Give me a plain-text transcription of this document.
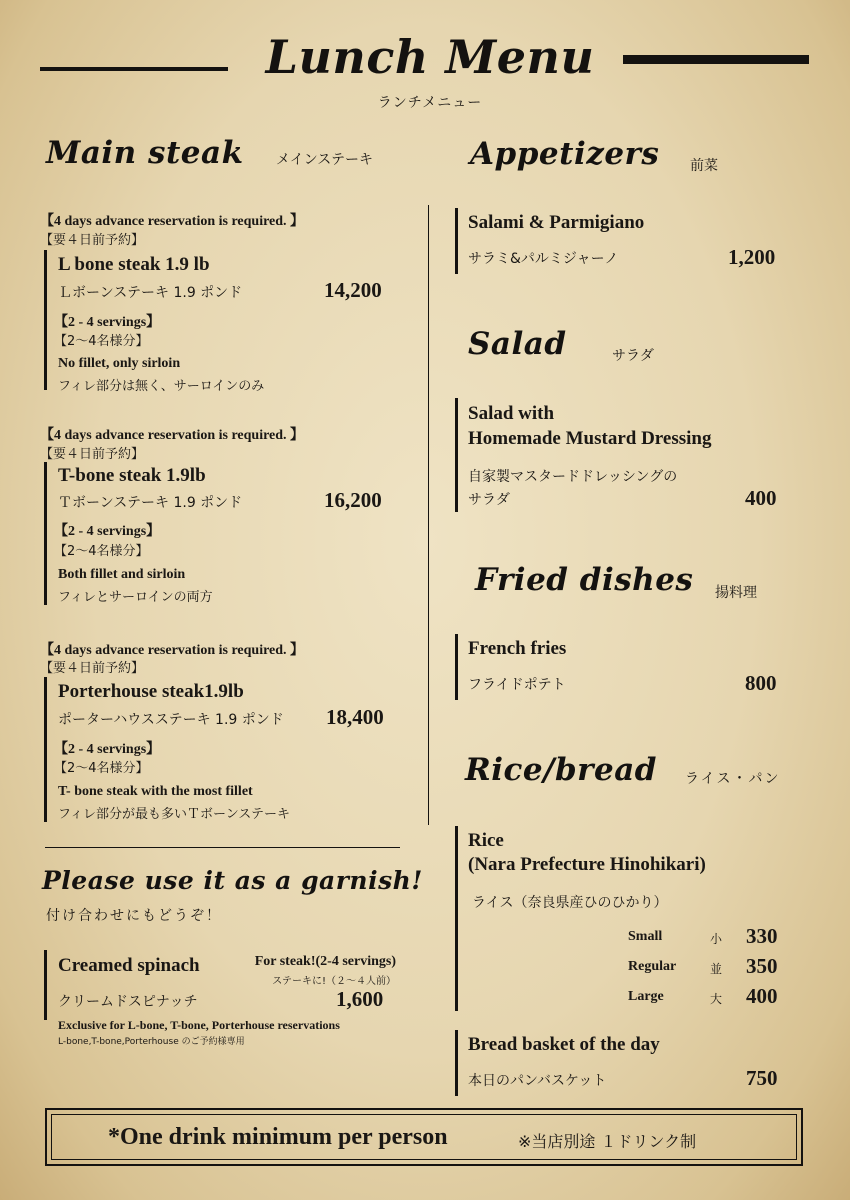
Lunch Menu
ランチメニュー
Main steak メインステーキ
【4 days advance reservation is required. 】
【要４日前予約】
L bone steak 1.9 lb
Ｌボーンステーキ 1.9 ポンド	14,200
【2 - 4 servings】
【2〜4名様分】
No fillet, only sirloin
フィレ部分は無く、サーロインのみ
【4 days advance reservation is required. 】
【要４日前予約】
T-bone steak 1.9lb
Ｔボーンステーキ 1.9 ポンド	16,200
【2 - 4 servings】
【2〜4名様分】
Both fillet and sirloin
フィレとサーロインの両方
【4 days advance reservation is required. 】
【要４日前予約】
Porterhouse steak1.9lb
ポーターハウスステーキ 1.9 ポンド 18,400
【2 - 4 servings】
【2〜4名様分】
T- bone steak with the most fillet
フィレ部分が最も多いＴボーンステーキ
Please use it as a garnish!
付け合わせにもどうぞ！
Creamed spinach	For steak!(2-4 servings)
ステーキに!（２～４人前）
クリームドスピナッチ	1,600
Exclusive for L-bone, T-bone, Porterhouse reservations
L-bone,T-bone,Porterhouse のご予約様専用
Appetizers 前菜
Salami & Parmigiano
サラミ&パルミジャーノ	1,200
Salad	サラダ
Salad with
Homemade Mustard Dressing
自家製マスタードドレッシングの
サラダ	400
Fried dishes 揚料理
French fries
フライドポテト	800
Rice/bread ライス・パン
Rice
(Nara Prefecture Hinohikari)
ライス（奈良県産ひのひかり）
Small	小 330
Regular	並 350
Large	大 400
Bread basket of the day
本日のパンバスケット	750
*One drink minimum per person	※当店別途 １ドリンク制
